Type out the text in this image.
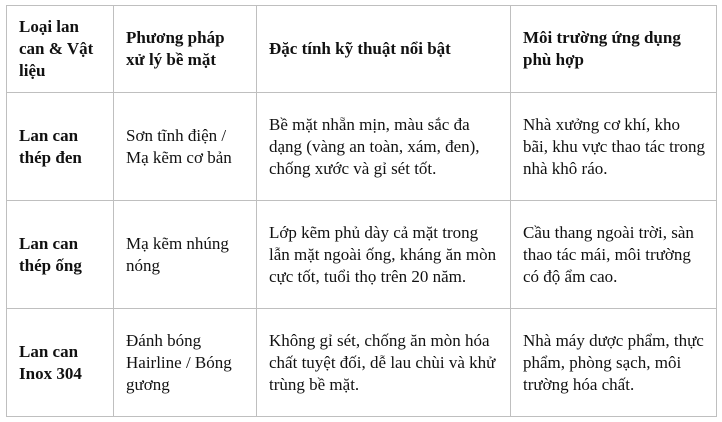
Loại lan can & Vật liệu	Phương pháp xử lý bề mặt	Đặc tính kỹ thuật nổi bật	Môi trường ứng dụng phù hợp
Lan can thép đen	Sơn tĩnh điện / Mạ kẽm cơ bản	Bề mặt nhẵn mịn, màu sắc đa dạng (vàng an toàn, xám, đen), chống xước và gỉ sét tốt.	Nhà xưởng cơ khí, kho bãi, khu vực thao tác trong nhà khô ráo.
Lan can thép ống	Mạ kẽm nhúng nóng	Lớp kẽm phủ dày cả mặt trong lẫn mặt ngoài ống, kháng ăn mòn cực tốt, tuổi thọ trên 20 năm.	Cầu thang ngoài trời, sàn thao tác mái, môi trường có độ ẩm cao.
Lan can Inox 304	Đánh bóng Hairline / Bóng gương	Không gỉ sét, chống ăn mòn hóa chất tuyệt đối, dễ lau chùi và khử trùng bề mặt.	Nhà máy dược phẩm, thực phẩm, phòng sạch, môi trường hóa chất.
